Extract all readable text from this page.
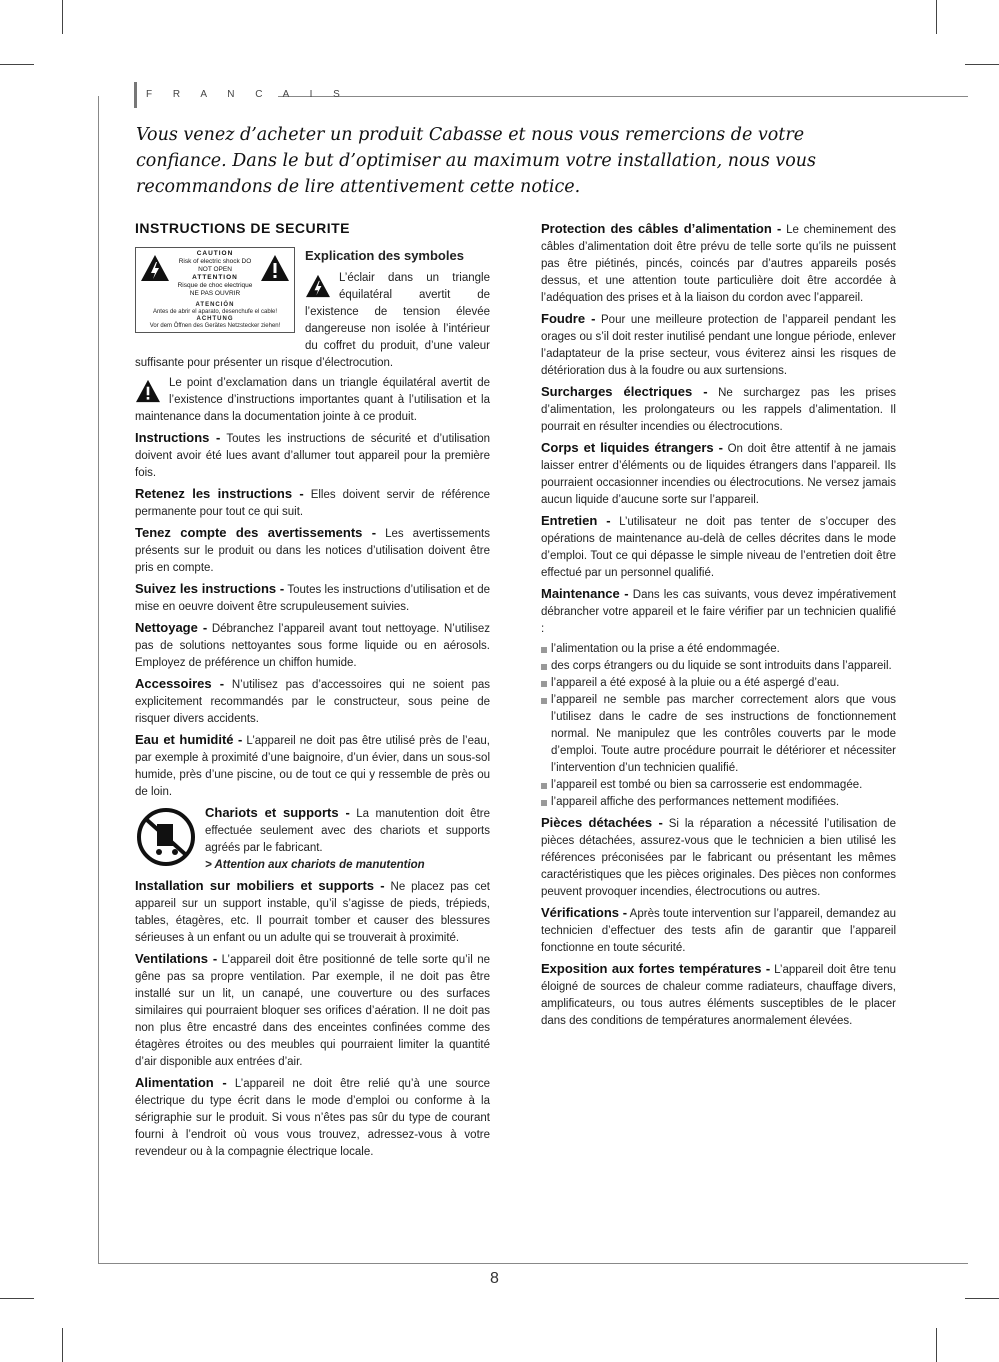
F R A N C A I S

Vous venez d’acheter un produit Cabasse et nous vous remercions de votre confiance. Dans le but d’optimiser au maximum votre installation, nous vous recommandons de lire attentivement cette notice.

INSTRUCTIONS DE SECURITE
CAUTION
Risk of electric shock DO NOT OPEN
ATTENTION
Risque de choc electrique NE PAS OUVRIR
ATENCIÓN
Antes de abrir el aparato, desenchufe el cable!
ACHTUNG
Vor dem Öffnen des Gerätes Netzstecker ziehen!
Explication des symboles

L’éclair dans un triangle équilatéral avertit de l’existence de tension élevée dangereuse non isolée à l’intérieur du coffret du produit, d’une valeur suffisante pour présenter un risque d’électrocution.

Le point d’exclamation dans un triangle équilatéral avertit de l’existence d’instructions importantes quant à l’utilisation et la maintenance dans la documentation jointe à ce produit.

Instructions - Toutes les instructions de sécurité et d’utilisation doivent avoir été lues avant d’allumer tout appareil pour la première fois.

Retenez les instructions - Elles doivent servir de référence permanente pour tout ce qui suit.

Tenez compte des avertissements - Les avertissements présents sur le produit ou dans les notices d’utilisation doivent être pris en compte.

Suivez les instructions - Toutes les instructions d’utilisation et de mise en oeuvre doivent être scrupuleusement suivies.

Nettoyage - Débranchez l’appareil avant tout nettoyage. N’utilisez pas de solutions nettoyantes sous forme liquide ou en aérosols. Employez de préférence un chiffon humide.

Accessoires - N’utilisez pas d’accessoires qui ne soient pas explicitement recommandés par le constructeur, sous peine de risquer divers accidents.

Eau et humidité - L’appareil ne doit pas être utilisé près de l’eau, par exemple à proximité d’une baignoire, d’un évier, dans un sous-sol humide, près d’une piscine, ou de tout ce qui y ressemble de près ou de loin.

Chariots et supports - La manutention doit être effectuée seulement avec des chariots et supports agréés par le fabricant.
> Attention aux chariots de manutention

Installation sur mobiliers et supports - Ne placez pas cet appareil sur un support instable, qu’il s’agisse de pieds, trépieds, tables, étagères, etc. Il pourrait tomber et causer des blessures sérieuses à un enfant ou un adulte qui se trouverait à proximité.

Ventilations - L’appareil doit être positionné de telle sorte qu’il ne gêne pas sa propre ventilation. Par exemple, il ne doit pas être installé sur un lit, un canapé, une couverture ou des surfaces similaires qui pourraient bloquer ses orifices d’aération. Il ne doit pas non plus être encastré dans des enceintes confinées comme des étagères étroites ou des meubles qui pourraient limiter la quantité d’air disponible aux entrées d’air.

Alimentation - L’appareil ne doit être relié qu’à une source électrique du type écrit dans le mode d’emploi ou conforme à la sérigraphie sur le produit. Si vous n’êtes pas sûr du type de courant fourni à l’endroit où vous vous trouvez, adressez-vous à votre revendeur ou à la compagnie électrique locale.

Protection des câbles d’alimentation - Le cheminement des câbles d’alimentation doit être prévu de telle sorte qu’ils ne puissent pas être piétinés, pincés, coincés par d’autres appareils posés dessus, et une attention toute particulière doit être accordée à l’adéquation des prises et à la liaison du cordon avec l’appareil.

Foudre - Pour une meilleure protection de l’appareil pendant les orages ou s’il doit rester inutilisé pendant une longue période, enlever l’adaptateur de la prise secteur, vous éviterez ainsi les risques de détérioration dus à la foudre ou aux surtensions.

Surcharges électriques - Ne surchargez pas les prises d’alimentation, les prolongateurs ou les rappels d’alimentation. Il pourrait en résulter incendies ou électrocutions.

Corps et liquides étrangers - On doit être attentif à ne jamais laisser entrer d’éléments ou de liquides étrangers dans l’appareil. Ils pourraient occasionner incendies ou électrocutions. Ne versez jamais aucun liquide d’aucune sorte sur l’appareil.

Entretien - L’utilisateur ne doit pas tenter de s’occuper des opérations de maintenance au-delà de celles décrites dans le mode d’emploi. Tout ce qui dépasse le simple niveau de l’entretien doit être effectué par un personnel qualifié.

Maintenance - Dans les cas suivants, vous devez impérativement débrancher votre appareil et le faire vérifier par un technicien qualifié :

l’alimentation ou la prise a été endommagée.
des corps étrangers ou du liquide se sont introduits dans l’appareil.
l’appareil a été exposé à la pluie ou a été aspergé d’eau.
l’appareil ne semble pas marcher correctement alors que vous l’utilisez dans le cadre de ses instructions de fonctionnement normal. Ne manipulez que les contrôles couverts par le mode d’emploi. Toute autre procédure pourrait le détériorer et nécessiter l’intervention d’un technicien qualifié.
l’appareil est tombé ou bien sa carrosserie est endommagée.
l’appareil affiche des performances nettement modifiées.

Pièces détachées - Si la réparation a nécessité l’utilisation de pièces détachées, assurez-vous que le technicien a bien utilisé les références préconisées par le fabricant ou présentant les mêmes caractéristiques que les pièces originales. Des pièces non conformes peuvent provoquer incendies, électrocutions ou autres.

Vérifications - Après toute intervention sur l’appareil, demandez au technicien d’effectuer des tests afin de garantir que l’appareil fonctionne en toute sécurité.

Exposition aux fortes températures - L’appareil doit être tenu éloigné de sources de chaleur comme radiateurs, chauffage divers, amplificateurs, ou tous autres éléments susceptibles de le placer dans des conditions de températures anormalement élevées.

8
